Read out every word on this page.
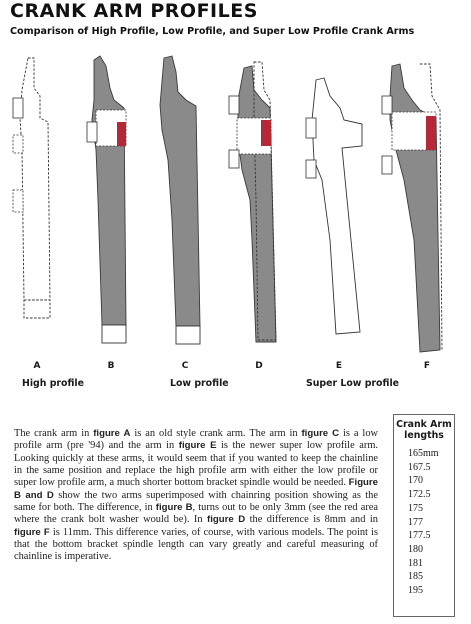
CRANK ARM PROFILES
Comparison of High Profile, Low Profile, and Super Low Profile Crank Arms
A	B	C	D	E	F
High profile	Low profile	Super Low profile
The crank arm in figure A is an old style crank arm. The arm in figure C is a low profile arm (pre '94) and the arm in figure E is the newer super low profile arm. Looking quickly at these arms, it would seem that if you wanted to keep the chainline in the same position and replace the high profile arm with either the low profile or super low profile arm, a much shorter bottom bracket spindle would be needed. Figure B and D show the two arms superimposed with chainring position showing as the same for both. The difference, in figure B, turns out to be only 3mm (see the red area where the crank bolt washer would be). In figure D the difference is 8mm and in figure F is 11mm. This difference varies, of course, with various models. The point is that the bottom bracket spindle length can vary greatly and careful measuring of chainline is imperative.
Crank Arm
lengths
165mm
167.5
170
172.5
175
177
177.5
180
181
185
195
